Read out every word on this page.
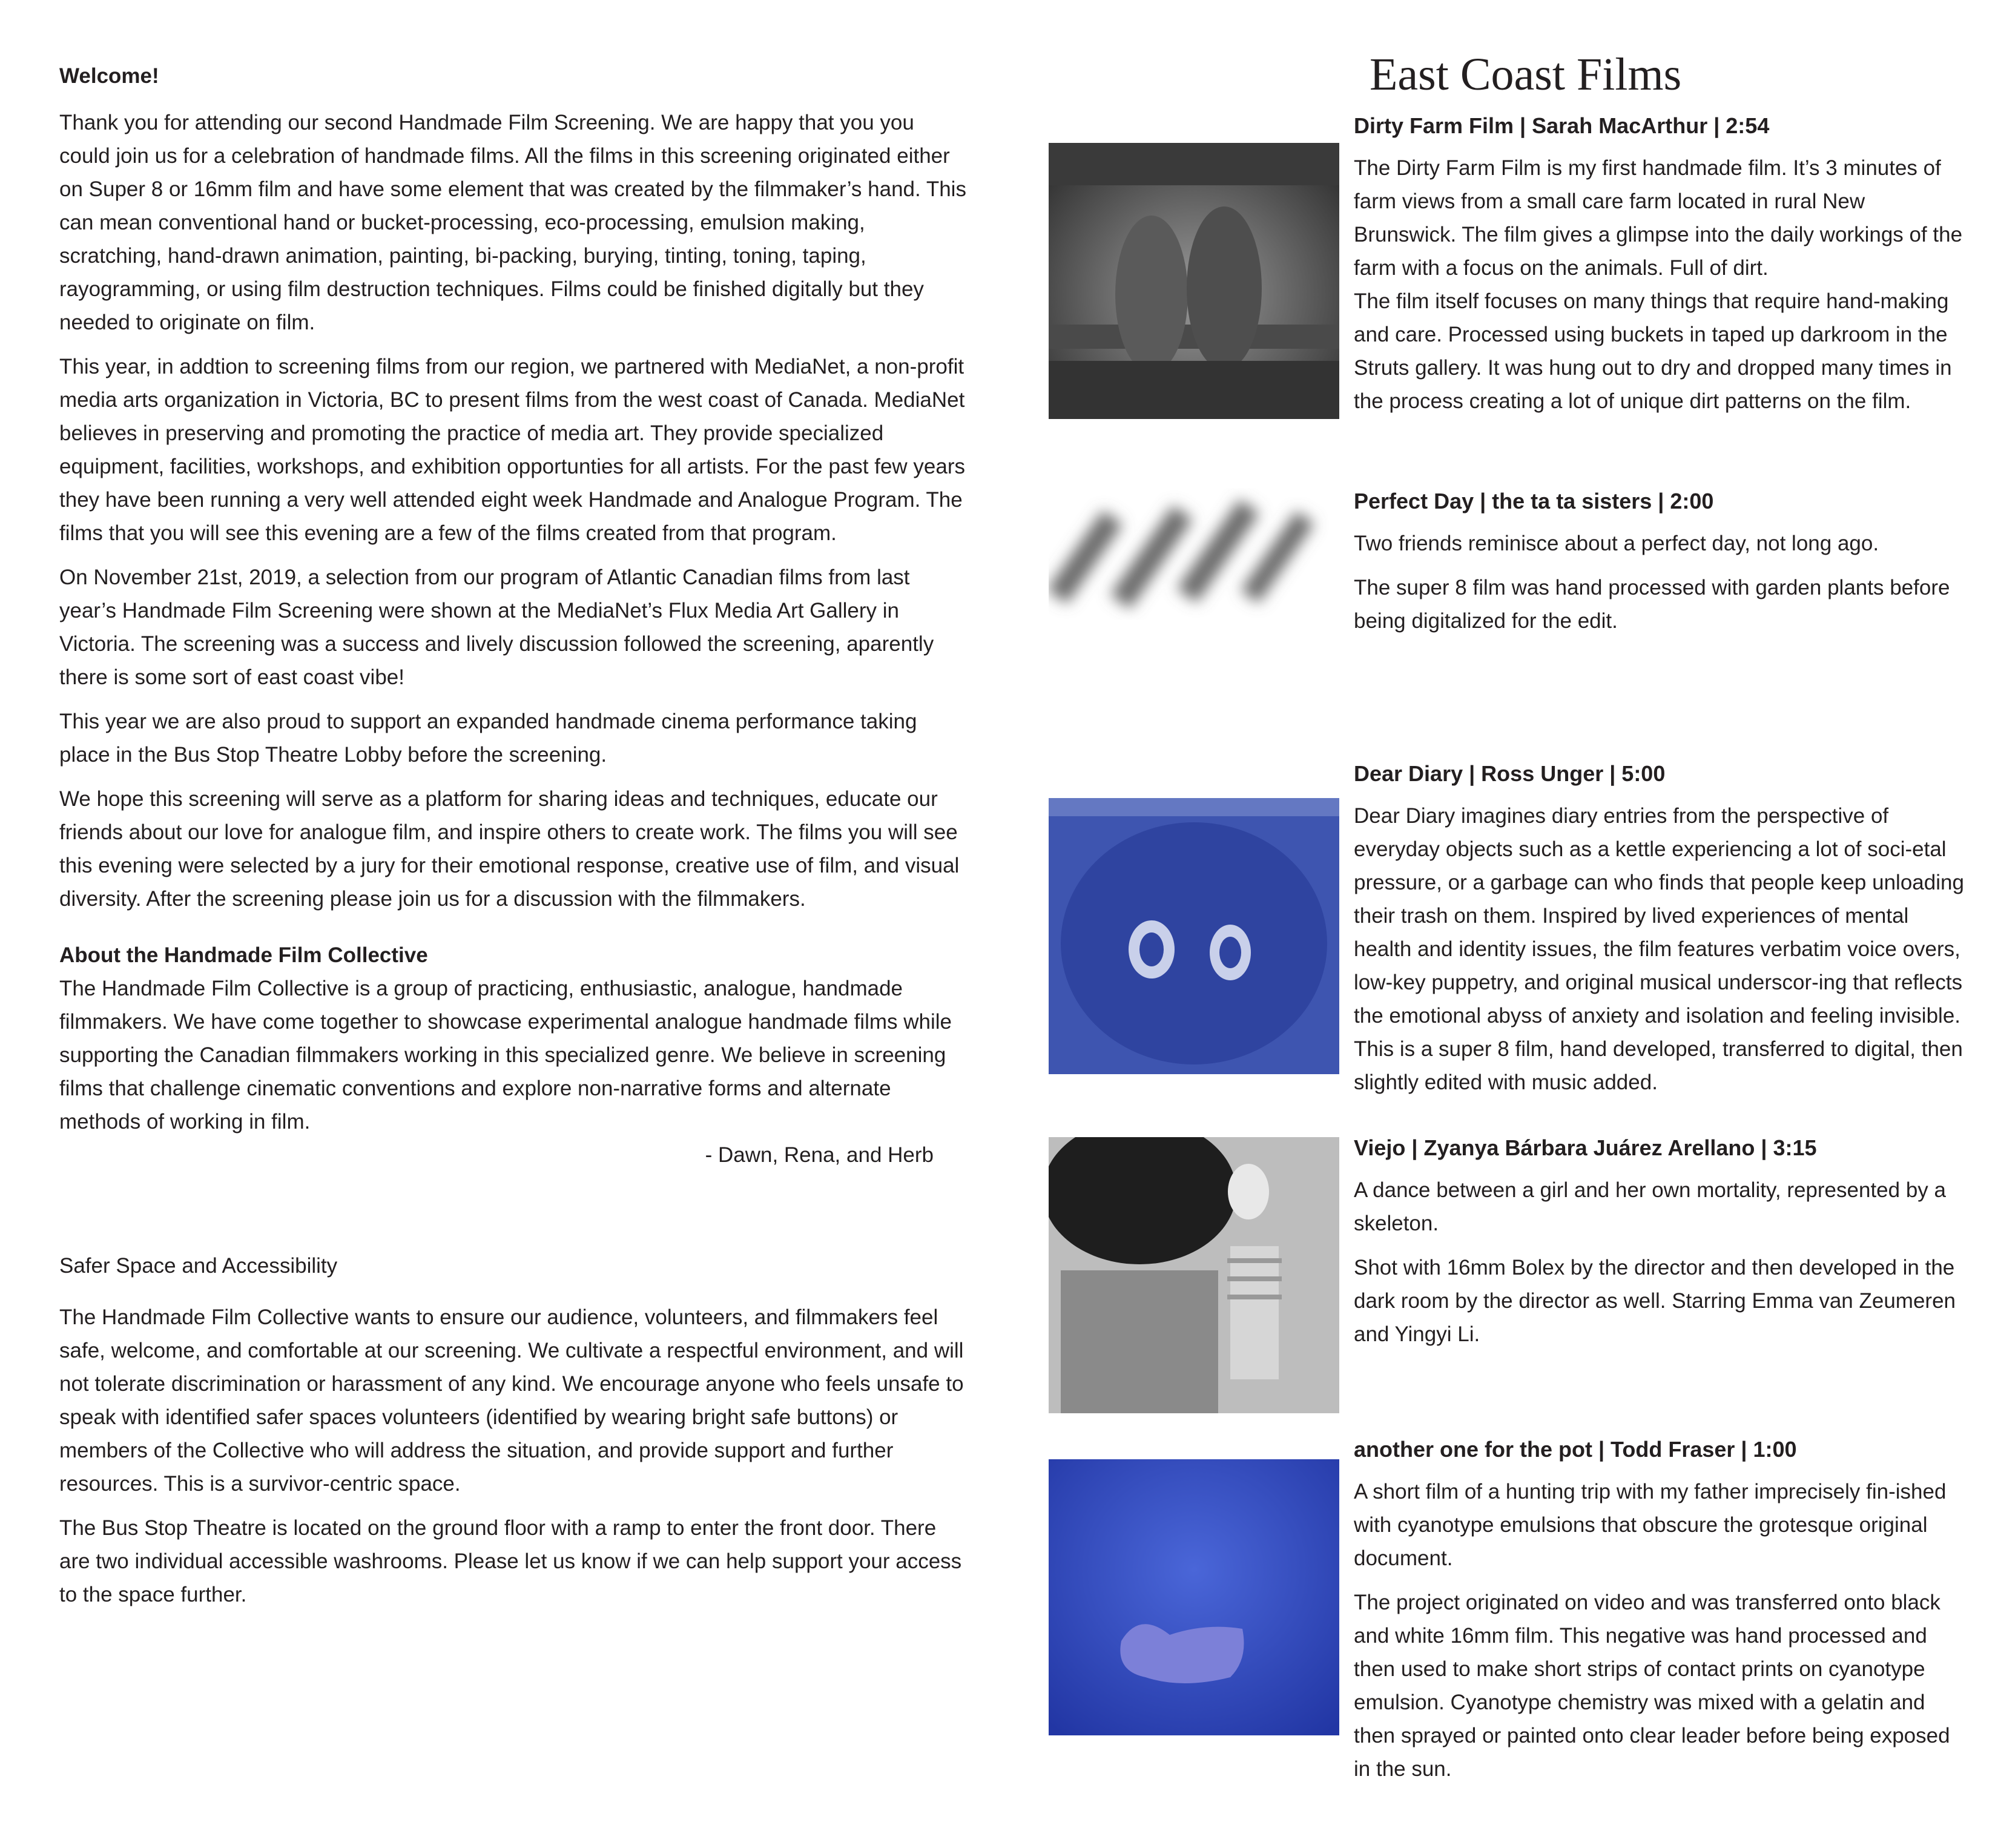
Welcome!

Thank you for attending our second Handmade Film Screening. We are happy that you you could join us for a celebration of handmade films. All the films in this screening originated either on Super 8 or 16mm film and have some element that was created by the filmmaker’s hand. This can mean conventional hand or bucket-processing, eco-processing, emulsion making, scratching, hand-drawn animation, painting, bi-packing, burying, tinting, toning, taping, rayogramming, or using film destruction techniques. Films could be finished digitally but they needed to originate on film.

This year, in addtion to screening films from our region, we partnered with MediaNet, a non-profit media arts organization in Victoria, BC to present films from the west coast of Canada. MediaNet believes in preserving and promoting the practice of media art. They provide specialized equipment, facilities, workshops, and exhibition opportunties for all artists. For the past few years they have been running a very well attended eight week Handmade and Analogue Program. The films that you will see this evening are a few of the films created from that program.

On November 21st, 2019, a selection from our program of Atlantic Canadian films from last year’s Handmade Film Screening were shown at the MediaNet’s Flux Media Art Gallery in Victoria. The screening was a success and lively discussion followed the screening, aparently there is some sort of east coast vibe!

This year we are also proud to support an expanded handmade cinema performance taking place in the Bus Stop Theatre Lobby before the screening.

We hope this screening will serve as a platform for sharing ideas and techniques, educate our friends about our love for analogue film, and inspire others to create work. The films you will see this evening were selected by a jury for their emotional response, creative use of film, and visual diversity. After the screening please join us for a discussion with the filmmakers.

About the Handmade Film Collective

The Handmade Film Collective is a group of practicing, enthusiastic, analogue, handmade filmmakers. We have come together to showcase experimental analogue handmade films while supporting the Canadian filmmakers working in this specialized genre. We believe in screening films that challenge cinematic conventions and explore non-narrative forms and alternate methods of working in film.

- Dawn, Rena, and Herb

Safer Space and Accessibility

The Handmade Film Collective wants to ensure our audience, volunteers, and filmmakers feel safe, welcome, and comfortable at our screening. We cultivate a respectful environment, and will not tolerate discrimination or harassment of any kind. We encourage anyone who feels unsafe to speak with identified safer spaces volunteers (identified by wearing bright safe buttons) or members of the Collective who will address the situation, and provide support and further resources. This is a survivor-centric space.

The Bus Stop Theatre is located on the ground floor with a ramp to enter the front door. There are two individual accessible washrooms. Please let us know if we can help support your access to the space further.

East Coast Films
Dirty Farm Film | Sarah MacArthur | 2:54

The Dirty Farm Film is my first handmade film. It’s 3 minutes of farm views from a small care farm located in rural New Brunswick. The film gives a glimpse into the daily workings of the farm with a focus on the animals. Full of dirt.

The film itself focuses on many things that require hand-making and care. Processed using buckets in taped up darkroom in the Struts gallery. It was hung out to dry and dropped many times in the process creating a lot of unique dirt patterns on the film.

Perfect Day | the ta ta sisters | 2:00

Two friends reminisce about a perfect day, not long ago.

The super 8 film was hand processed with garden plants before being digitalized for the edit.

Dear Diary | Ross Unger | 5:00

Dear Diary imagines diary entries from the perspective of everyday objects such as a kettle experiencing a lot of soci-etal pressure, or a garbage can who finds that people keep unloading their trash on them. Inspired by lived experiences of mental health and identity issues, the film features verbatim voice overs, low-key puppetry, and original musical underscor-ing that reflects the emotional abyss of anxiety and isolation and feeling invisible. This is a super 8 film, hand developed, transferred to digital, then slightly edited with music added.

Viejo | Zyanya Bárbara Juárez Arellano | 3:15

A dance between a girl and her own mortality, represented by a skeleton.

Shot with 16mm Bolex by the director and then developed in the dark room by the director as well. Starring Emma van Zeumeren and Yingyi Li.

another one for the pot | Todd Fraser | 1:00

A short film of a hunting trip with my father imprecisely fin-ished with cyanotype emulsions that obscure the grotesque original document.

The project originated on video and was transferred onto black and white 16mm film. This negative was hand processed and then used to make short strips of contact prints on cyanotype emulsion. Cyanotype chemistry was mixed with a gelatin and then sprayed or painted onto clear leader before being exposed in the sun.
